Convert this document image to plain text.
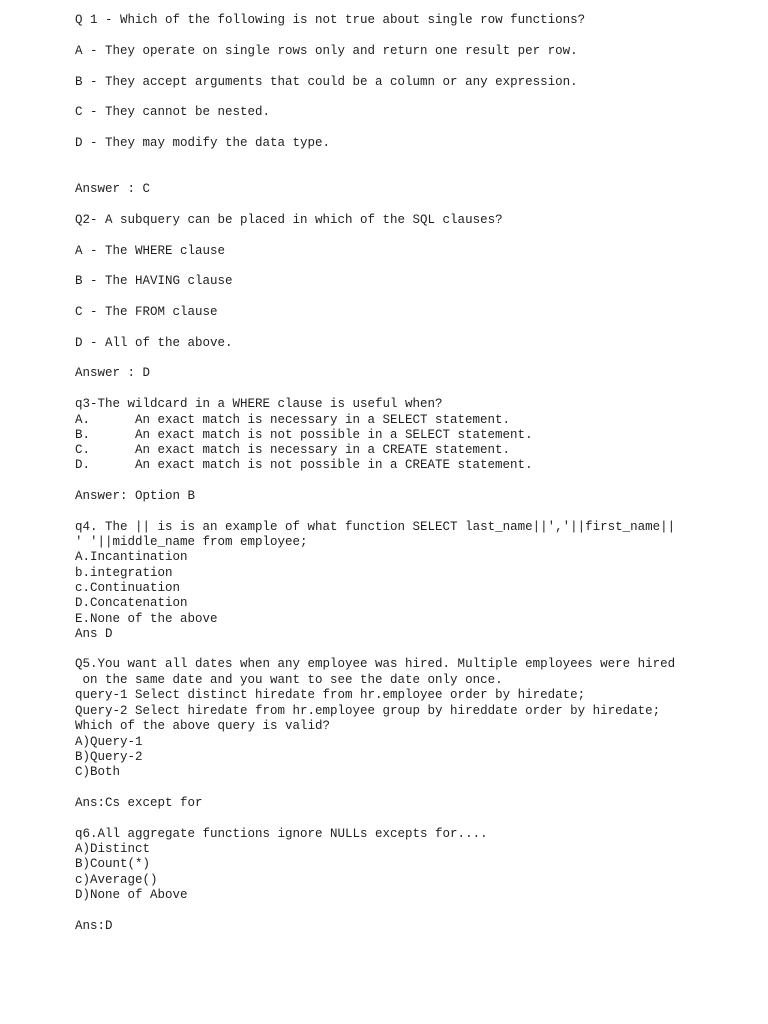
Q 1 - Which of the following is not true about single row functions?
A - They operate on single rows only and return one result per row.
B - They accept arguments that could be a column or any expression.
C - They cannot be nested.
D - They may modify the data type.
Answer : C
Q2- A subquery can be placed in which of the SQL clauses?
A - The WHERE clause
B - The HAVING clause
C - The FROM clause
D - All of the above.
Answer : D
q3-The wildcard in a WHERE clause is useful when?
A.	An exact match is necessary in a SELECT statement.
B.	An exact match is not possible in a SELECT statement.
C.	An exact match is necessary in a CREATE statement.
D.	An exact match is not possible in a CREATE statement.
Answer: Option B
q4. The || is is an example of what function SELECT last_name||','||first_name||
' '||middle_name from employee;
A.Incantination
b.integration
c.Continuation
D.Concatenation
E.None of the above
Ans D
Q5.You want all dates when any employee was hired. Multiple employees were hired
on the same date and you want to see the date only once.
query-1 Select distinct hiredate from hr.employee order by hiredate;
Query-2 Select hiredate from hr.employee group by hireddate order by hiredate;
Which of the above query is valid?
A)Query-1
B)Query-2
C)Both
Ans:Cs except for
q6.All aggregate functions ignore NULLs excepts for....
A)Distinct
B)Count(*)
c)Average()
D)None of Above
Ans:D
